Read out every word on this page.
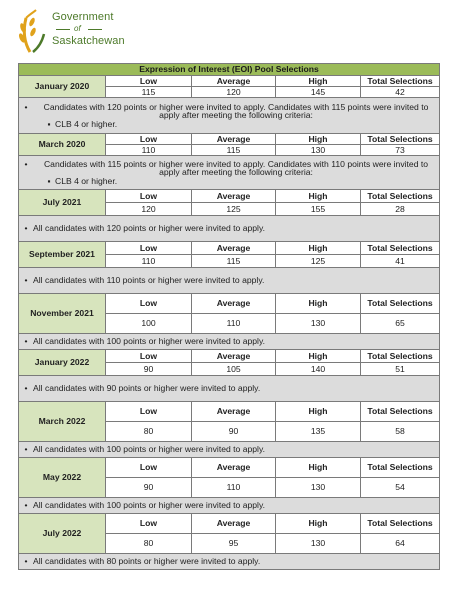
Government
of
Saskatchewan
Expression of Interest (EOI) Pool Selections				
January 2020	Low	Average	High	Total Selections
	115	120	145	42

• Candidates with 120 points or higher were invited to apply. Candidates with 115 points were invited to apply after meeting the following criteria:
▪ CLB 4 or higher.				

March 2020	Low	Average	High	Total Selections
	110	115	130	73

• Candidates with 115 points or higher were invited to apply. Candidates with 110 points were invited to apply after meeting the following criteria:
▪ CLB 4 or higher.				

July 2021	Low	Average	High	Total Selections
	120	125	155	28

• All candidates with 120 points or higher were invited to apply.				

September 2021	Low	Average	High	Total Selections
	110	115	125	41

• All candidates with 110 points or higher were invited to apply.				

November 2021	Low	Average	High	Total Selections
	100	110	130	65

• All candidates with 100 points or higher were invited to apply.				

January 2022	Low	Average	High	Total Selections
	90	105	140	51

• All candidates with 90 points or higher were invited to apply.				

March 2022	Low	Average	High	Total Selections
	80	90	135	58

• All candidates with 100 points or higher were invited to apply.				

May 2022	Low	Average	High	Total Selections
	90	110	130	54

• All candidates with 100 points or higher were invited to apply.				

July 2022	Low	Average	High	Total Selections
	80	95	130	64

• All candidates with 80 points or higher were invited to apply.				
